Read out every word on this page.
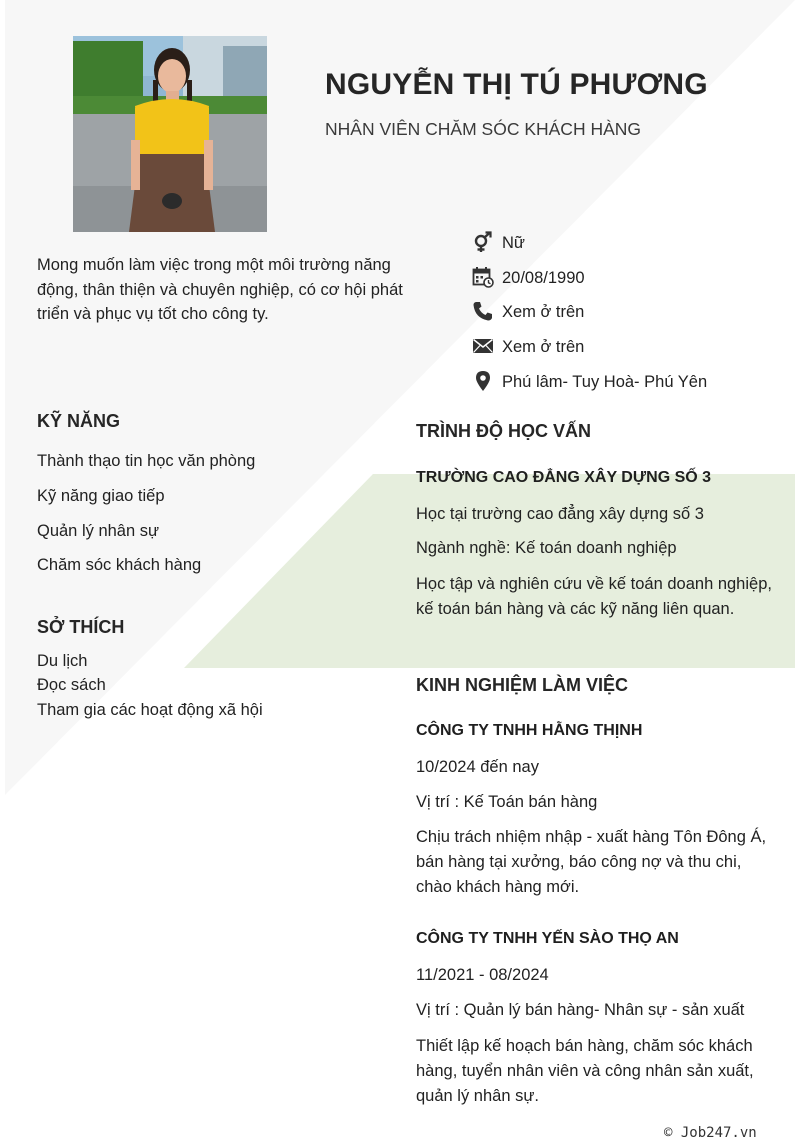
NGUYỄN THỊ TÚ PHƯƠNG

NHÂN VIÊN CHĂM SÓC KHÁCH HÀNG

Mong muốn làm việc trong một môi trường năng động, thân thiện và chuyên nghiệp, có cơ hội phát triển và phục vụ tốt cho công ty.

Nữ
20/08/1990
Xem ở trên
Xem ở trên
Phú lâm- Tuy Hoà- Phú Yên
KỸ NĂNG
Thành thạo tin học văn phòng
Kỹ năng giao tiếp
Quản lý nhân sự
Chăm sóc khách hàng
SỞ THÍCH
Du lịch
Đọc sách
Tham gia các hoạt động xã hội
TRÌNH ĐỘ HỌC VẤN
TRƯỜNG CAO ĐẲNG XÂY DỰNG SỐ 3
Học tại trường cao đẳng xây dựng số 3
Ngành nghề: Kế toán doanh nghiệp

Học tập và nghiên cứu về kế toán doanh nghiệp, kế toán bán hàng và các kỹ năng liên quan.

KINH NGHIỆM LÀM VIỆC
CÔNG TY TNHH HẰNG THỊNH
10/2024 đến nay
Vị trí : Kế Toán bán hàng

Chịu trách nhiệm nhập - xuất hàng Tôn Đông Á, bán hàng tại xưởng, báo công nợ và thu chi, chào khách hàng mới.

CÔNG TY TNHH YẾN SÀO THỌ AN
11/2021 - 08/2024
Vị trí : Quản lý bán hàng- Nhân sự - sản xuất

Thiết lập kế hoạch bán hàng, chăm sóc khách hàng, tuyển nhân viên và công nhân sản xuất, quản lý nhân sự.

© Job247.vn
